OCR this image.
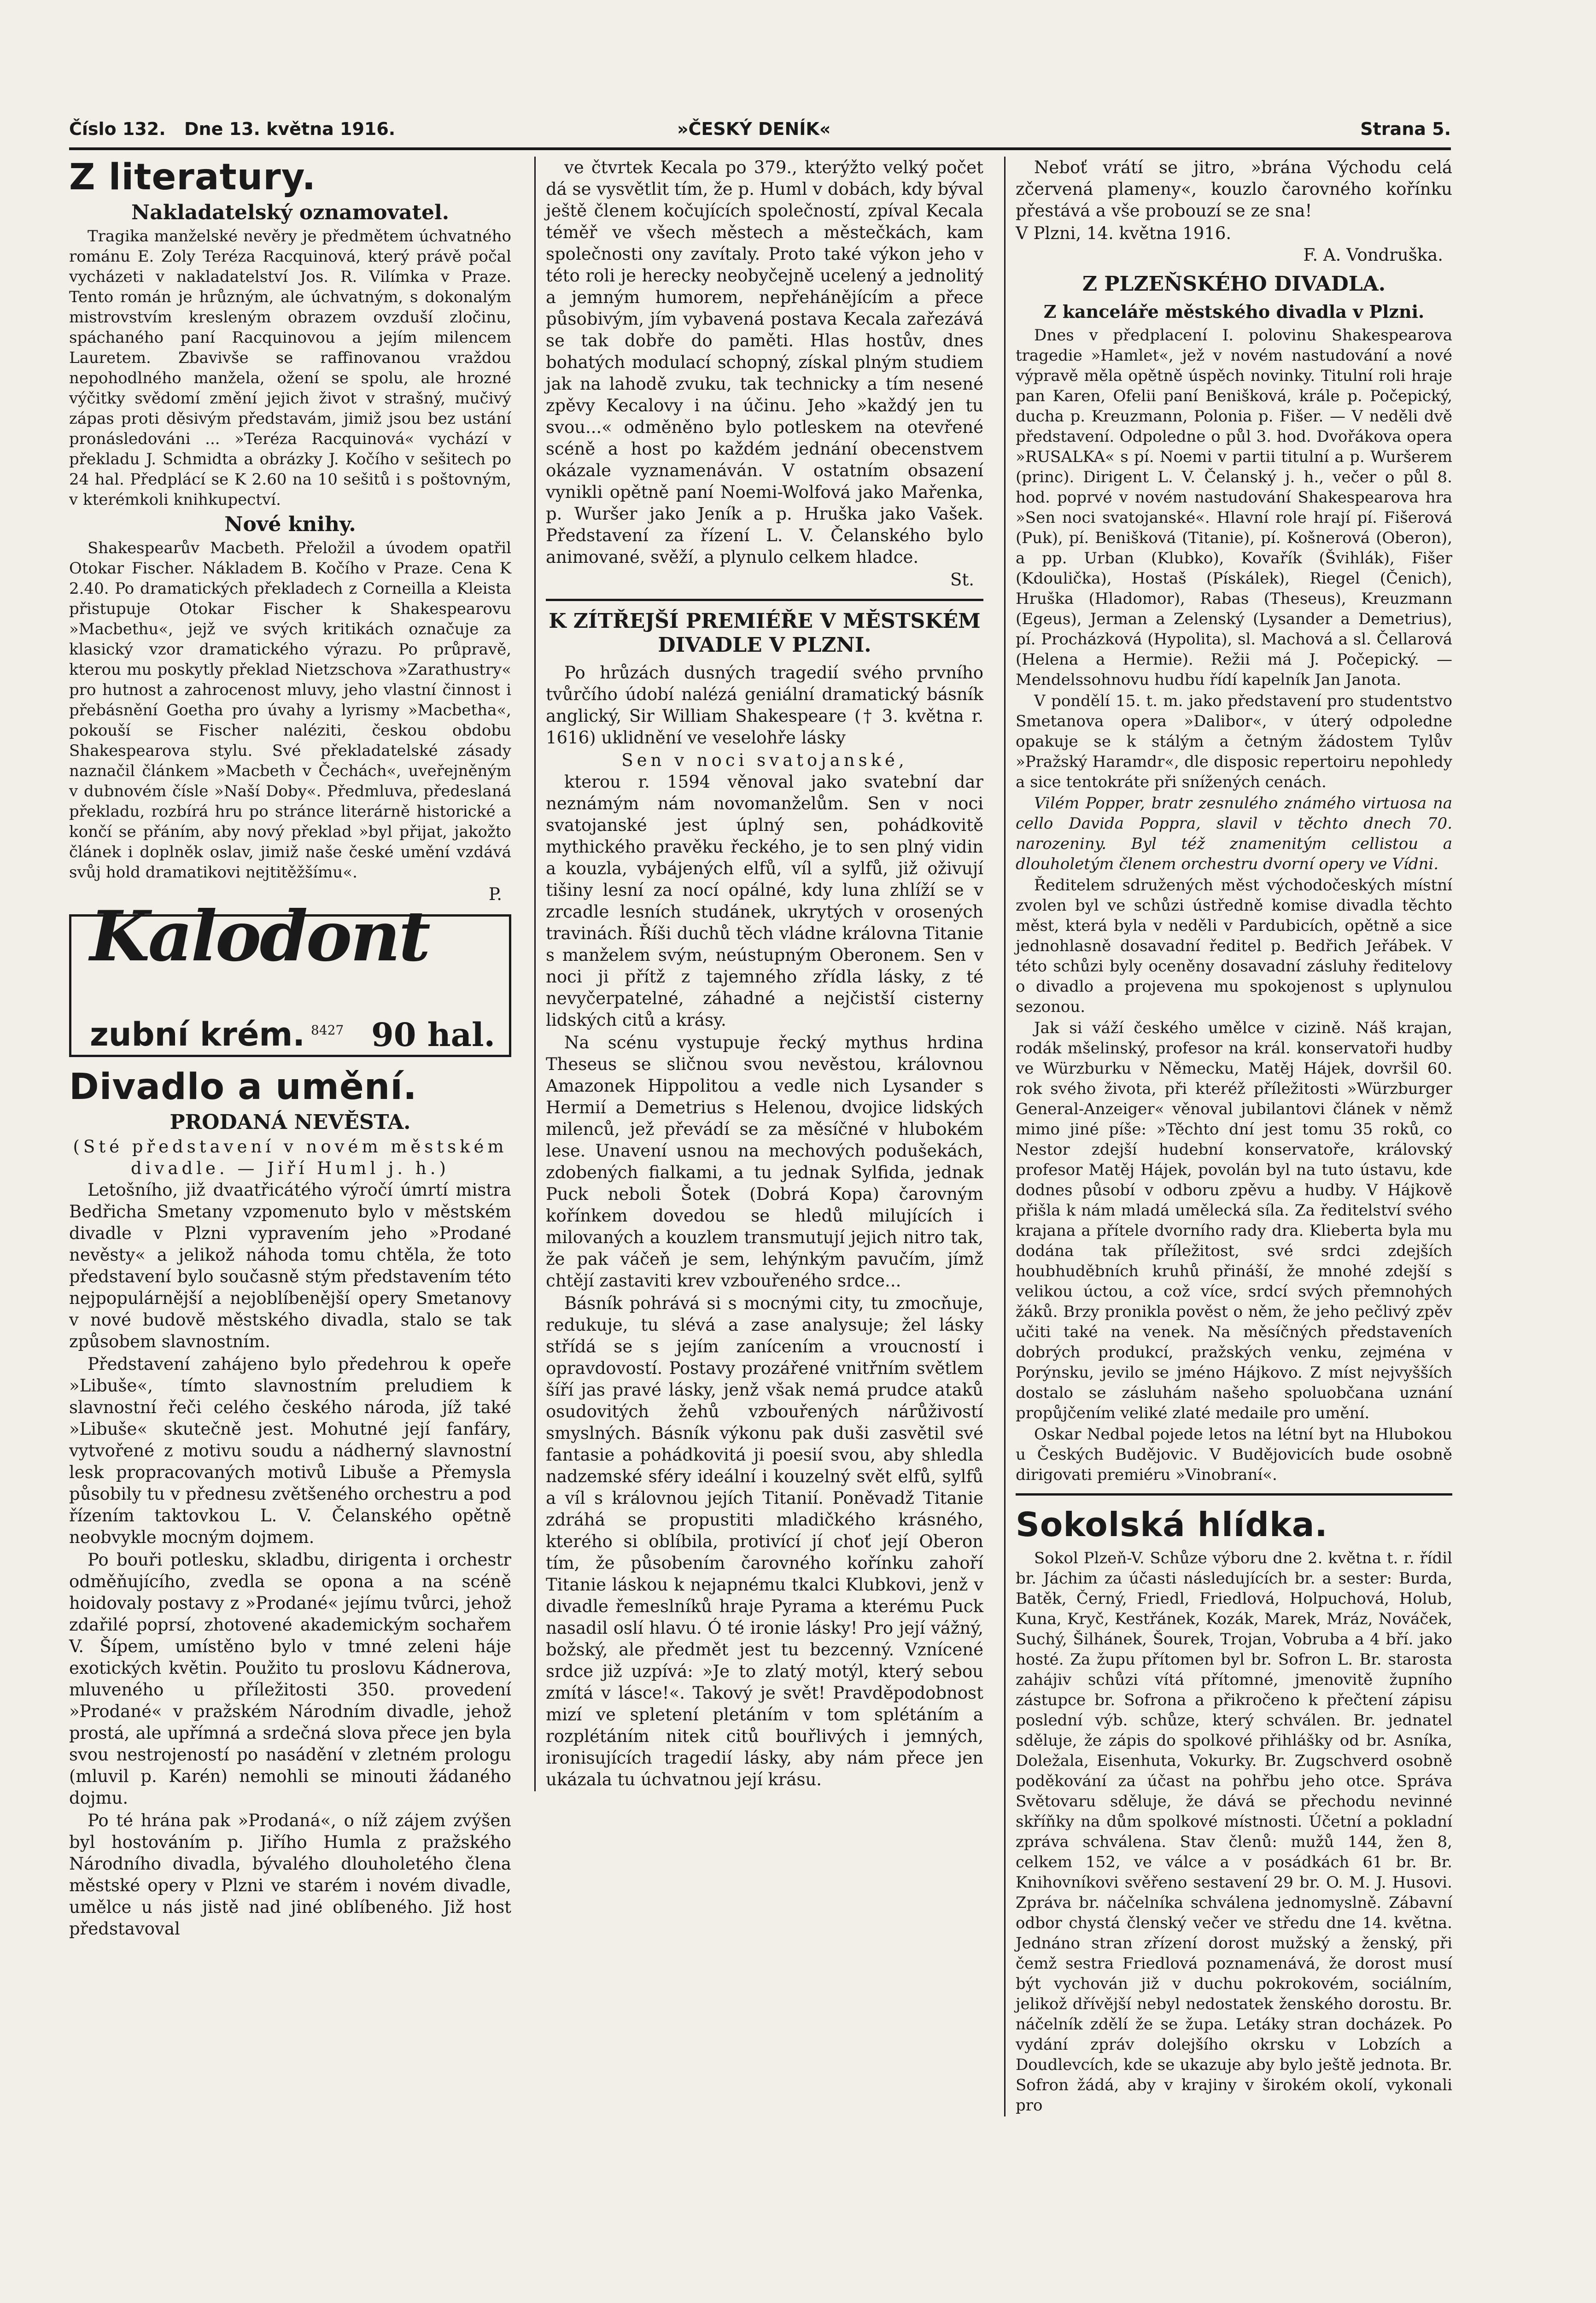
Číslo 132. Dne 13. května 1916.	»ČESKÝ DENÍK«	Strana 5.
Z literatury.
Nakladatelský oznamovatel.

Tragika manželské nevěry je předmětem úchvatného románu E. Zoly Teréza Racquinová, který právě počal vycházeti v nakladatelství Jos. R. Vilímka v Praze. Tento román je hrůzným, ale úchvatným, s dokonalým mistrovstvím kresleným obrazem ovzduší zločinu, spáchaného paní Racquinovou a jejím milencem Lauretem. Zbavivše se raffinovanou vraždou nepohodlného manžela, ožení se spolu, ale hrozné výčitky svědomí změní jejich život v strašný, mučivý zápas proti děsivým představám, jimiž jsou bez ustání pronásledováni ... »Teréza Racquinová« vychází v překladu J. Schmidta a obrázky J. Kočího v sešitech po 24 hal. Předplácí se K 2.60 na 10 sešitů i s poštovným, v kterémkoli knihkupectví.

Nové knihy.

Shakespearův Macbeth. Přeložil a úvodem opatřil Otokar Fischer. Nákladem B. Kočího v Praze. Cena K 2.40. Po dramatických překladech z Corneilla a Kleista přistupuje Otokar Fischer k Shakespearovu »Macbethu«, jejž ve svých kritikách označuje za klasický vzor dramatického výrazu. Po průpravě, kterou mu poskytly překlad Nietzschova »Zarathustry« pro hutnost a zahrocenost mluvy, jeho vlastní činnost i přebásnění Goetha pro úvahy a lyrismy »Macbetha«, pokouší se Fischer naléziti, českou obdobu Shakespearova stylu. Své překladatelské zásady naznačil článkem »Macbeth v Čechách«, uveřejněným v dubnovém čísle »Naší Doby«. Předmluva, předeslaná překladu, rozbírá hru po stránce literárně historické a končí se přáním, aby nový překlad »byl přijat, jakožto článek i doplněk oslav, jimiž naše české umění vzdává svůj hold dramatikovi nejtitěžšímu«.

P.
Kalodont
zubní krém. 8427 90 hal.
Divadlo a umění.
PRODANÁ NEVĚSTA.
(Sté představení v novém městském divadle. — Jiří Huml j. h.)

Letošního, již dvaatřicátého výročí úmrtí mistra Bedřicha Smetany vzpomenuto bylo v městském divadle v Plzni vypravením jeho »Prodané nevěsty« a jelikož náhoda tomu chtěla, že toto představení bylo současně stým představením této nejpopulárnější a nejoblíbenější opery Smetanovy v nové budově městského divadla, stalo se tak způsobem slavnostním.

Představení zahájeno bylo předehrou k opeře »Libuše«, tímto slavnostním preludiem k slavnostní řeči celého českého národa, jíž také »Libuše« skutečně jest. Mohutné její fanfáry, vytvořené z motivu soudu a nádherný slavnostní lesk propracovaných motivů Libuše a Přemysla působily tu v přednesu zvětšeného orchestru a pod řízením taktovkou L. V. Čelanského opětně neobvykle mocným dojmem.

Po bouři potlesku, skladbu, dirigenta i orchestr odměňujícího, zvedla se opona a na scéně hoidovaly postavy z »Prodané« jejímu tvůrci, jehož zdařilé poprsí, zhotovené akademickým sochařem V. Šípem, umístěno bylo v tmné zeleni háje exotických květin. Použito tu proslovu Kádnerova, mluveného u příležitosti 350. provedení »Prodané« v pražském Národním divadle, jehož prostá, ale upřímná a srdečná slova přece jen byla svou nestrojeností po nasádění v zletném prologu (mluvil p. Karén) nemohli se minouti žádaného dojmu.

Po té hrána pak »Prodaná«, o níž zájem zvýšen byl hostováním p. Jiřího Humla z pražského Národního divadla, bývalého dlouholetého člena městské opery v Plzni ve starém i novém divadle, umělce u nás jistě nad jiné oblíbeného. Již host představoval

ve čtvrtek Kecala po 379., kterýžto velký počet dá se vysvětlit tím, že p. Huml v dobách, kdy býval ještě členem kočujících společností, zpíval Kecala téměř ve všech městech a městečkách, kam společnosti ony zavítaly. Proto také výkon jeho v této roli je herecky neobyčejně ucelený a jednolitý a jemným humorem, nepřehánějícím a přece působivým, jím vybavená postava Kecala zařezává se tak dobře do paměti. Hlas hostův, dnes bohatých modulací schopný, získal plným studiem jak na lahodě zvuku, tak technicky a tím nesené zpěvy Kecalovy i na účinu. Jeho »každý jen tu svou...« odměněno bylo potleskem na otevřené scéně a host po každém jednání obecenstvem okázale vyznamenáván. V ostatním obsazení vynikli opětně paní Noemi-Wolfová jako Mařenka, p. Wuršer jako Jeník a p. Hruška jako Vašek. Představení za řízení L. V. Čelanského bylo animované, svěží, a plynulo celkem hladce.

St.
K ZÍTŘEJŠÍ PREMIÉŘE V MĚSTSKÉM DIVADLE V PLZNI.

Po hrůzách dusných tragedií svého prvního tvůrčího údobí nalézá geniální dramatický básník anglický, Sir William Shakespeare († 3. května r. 1616) uklidnění ve veselohře lásky

Sen v noci svatojanské,

kterou r. 1594 věnoval jako svatební dar neznámým nám novomanželům. Sen v noci svatojanské jest úplný sen, pohádkovitě mythického pravěku řeckého, je to sen plný vidin a kouzla, vybájených elfů, víl a sylfů, již oživují tišiny lesní za nocí opálné, kdy luna zhlíží se v zrcadle lesních studánek, ukrytých v orosených travinách. Říši duchů těch vládne královna Titanie s manželem svým, neústupným Oberonem. Sen v noci ji přítž z tajemného zřídla lásky, z té nevyčerpatelné, záhadné a nejčistší cisterny lidských citů a krásy.

Na scénu vystupuje řecký mythus hrdina Theseus se sličnou svou nevěstou, královnou Amazonek Hippolitou a vedle nich Lysander s Hermií a Demetrius s Helenou, dvojice lidských milenců, jež převádí se za měsíčné v hlubokém lese. Unavení usnou na mechových podušekách, zdobených fialkami, a tu jednak Sylfida, jednak Puck neboli Šotek (Dobrá Kopa) čarovným kořínkem dovedou se hledů milujících i milovaných a kouzlem transmutují jejich nitro tak, že pak váčeň je sem, lehýnkým pavučím, jímž chtějí zastaviti krev vzbouřeného srdce...

Básník pohrává si s mocnými city, tu zmocňuje, redukuje, tu slévá a zase analysuje; žel lásky střídá se s jejím zanícením a vroucností i opravdovostí. Postavy prozářené vnitřním světlem šíří jas pravé lásky, jenž však nemá prudce ataků osudovitých žehů vzbouřených nárůživostí smyslných. Básník výkonu pak duši zasvětil své fantasie a pohádkovitá ji poesií svou, aby shledla nadzemské sféry ideální i kouzelný svět elfů, sylfů a víl s královnou jejích Titanií. Poněvadž Titanie zdráhá se propustiti mladičkého krásného, kterého si oblíbila, protivící jí choť její Oberon tím, že působením čarovného kořínku zahoří Titanie láskou k nejapnému tkalci Klubkovi, jenž v divadle řemeslníků hraje Pyrama a kterému Puck nasadil oslí hlavu. Ó té ironie lásky! Pro její vážný, božský, ale předmět jest tu bezcenný. Vznícené srdce již uzpívá: »Je to zlatý motýl, který sebou zmítá v lásce!«. Takový je svět! Pravděpodobnost mizí ve spletení pletáním v tom splétáním a rozplétáním nitek citů bouřlivých i jemných, ironisujících tragedií lásky, aby nám přece jen ukázala tu úchvatnou její krásu.

Neboť vrátí se jitro, »brána Východu celá zčervená plameny«, kouzlo čarovného kořínku přestává a vše probouzí se ze sna!

V Plzni, 14. května 1916.
F. A. Vondruška.
Z PLZEŇSKÉHO DIVADLA.
Z kanceláře městského divadla v Plzni.

Dnes v předplacení I. polovinu Shakespearova tragedie »Hamlet«, jež v novém nastudování a nové výpravě měla opětně úspěch novinky. Titulní roli hraje pan Karen, Ofelii paní Benišková, krále p. Počepický, ducha p. Kreuzmann, Polonia p. Fišer. — V neděli dvě představení. Odpoledne o půl 3. hod. Dvořákova opera »RUSALKA« s pí. Noemi v partii titulní a p. Wuršerem (princ). Dirigent L. V. Čelanský j. h., večer o půl 8. hod. poprvé v novém nastudování Shakespearova hra »Sen noci svatojanské«. Hlavní role hrají pí. Fišerová (Puk), pí. Benišková (Titanie), pí. Košnerová (Oberon), a pp. Urban (Klubko), Kovařík (Švihlák), Fišer (Kdoulička), Hostaš (Pískálek), Riegel (Čenich), Hruška (Hladomor), Rabas (Theseus), Kreuzmann (Egeus), Jerman a Zelenský (Lysander a Demetrius), pí. Procházková (Hypolita), sl. Machová a sl. Čellarová (Helena a Hermie). Režii má J. Počepický. — Mendelssohnovu hudbu řídí kapelník Jan Janota.

V pondělí 15. t. m. jako představení pro studentstvo Smetanova opera »Dalibor«, v úterý odpoledne opakuje se k stálým a četným žádostem Tylův »Pražský Haramdr«, dle disposic repertoiru nepohledy a sice tentokráte při snížených cenách.

Vilém Popper, bratr zesnulého známého virtuosa na cello Davida Poppra, slavil v těchto dnech 70. narozeniny. Byl též znamenitým cellistou a dlouholetým členem orchestru dvorní opery ve Vídni.

Ředitelem sdružených měst východočeských místní zvolen byl ve schůzi ústředně komise divadla těchto měst, která byla v neděli v Pardubicích, opětně a sice jednohlasně dosavadní ředitel p. Bedřich Jeřábek. V této schůzi byly oceněny dosavadní zásluhy ředitelovy o divadlo a projevena mu spokojenost s uplynulou sezonou.

Jak si váží českého umělce v cizině. Náš krajan, rodák mšelinský, profesor na král. konservatoři hudby ve Würzburku v Německu, Matěj Hájek, dovršil 60. rok svého života, při kteréž příležitosti »Würzburger General-Anzeiger« věnoval jubilantovi článek v němž mimo jiné píše: »Těchto dní jest tomu 35 roků, co Nestor zdejší hudební konservatoře, královský profesor Matěj Hájek, povolán byl na tuto ústavu, kde dodnes působí v odboru zpěvu a hudby. V Hájkově přišla k nám mladá umělecká síla. Za ředitelství svého krajana a přítele dvorního rady dra. Klieberta byla mu dodána tak příležitost, své srdci zdejších houbhuděbních kruhů přináší, že mnohé zdejší s velikou úctou, a což více, srdcí svých přemnohých žáků. Brzy pronikla pověst o něm, že jeho pečlivý zpěv učiti také na venek. Na měsíčných představeních dobrých produkcí, pražských venku, zejména v Porýnsku, jevilo se jméno Hájkovo. Z míst nejvyšších dostalo se zásluhám našeho spoluobčana uznání propůjčením veliké zlaté medaile pro umění.

Oskar Nedbal pojede letos na létní byt na Hlubokou u Českých Budějovic. V Budějovicích bude osobně dirigovati premiéru »Vinobraní«.

Sokolská hlídka.

Sokol Plzeň-V. Schůze výboru dne 2. května t. r. řídil br. Jáchim za účasti následujících br. a sester: Burda, Batěk, Černý, Friedl, Friedlová, Holpuchová, Holub, Kuna, Kryč, Kestřánek, Kozák, Marek, Mráz, Nováček, Suchý, Šilhánek, Šourek, Trojan, Vobruba a 4 bří. jako hosté. Za župu přítomen byl br. Sofron L. Br. starosta zahájiv schůzi vítá přítomné, jmenovitě župního zástupce br. Sofrona a přikročeno k přečtení zápisu poslední výb. schůze, který schválen. Br. jednatel sděluje, že zápis do spolkové přihlášky od br. Asníka, Doležala, Eisenhuta, Vokurky. Br. Zugschverd osobně poděkování za účast na pohřbu jeho otce. Správa Světovaru sděluje, že dává se přechodu nevinné skříňky na dům spolkové místnosti. Účetní a pokladní zpráva schválena. Stav členů: mužů 144, žen 8, celkem 152, ve válce a v posádkách 61 br. Br. Knihovníkovi svěřeno sestavení 29 br. O. M. J. Husovi. Zpráva br. náčelníka schválena jednomyslně. Zábavní odbor chystá členský večer ve středu dne 14. května. Jednáno stran zřízení dorost mužský a ženský, při čemž sestra Friedlová poznamenává, že dorost musí být vychován již v duchu pokrokovém, sociálním, jelikož dřívější nebyl nedostatek ženského dorostu. Br. náčelník zdělí že se župa. Letáky stran docházek. Po vydání zpráv dolejšího okrsku v Lobzích a Doudlevcích, kde se ukazuje aby bylo ještě jednota. Br. Sofron žádá, aby v krajiny v širokém okolí, vykonali pro
